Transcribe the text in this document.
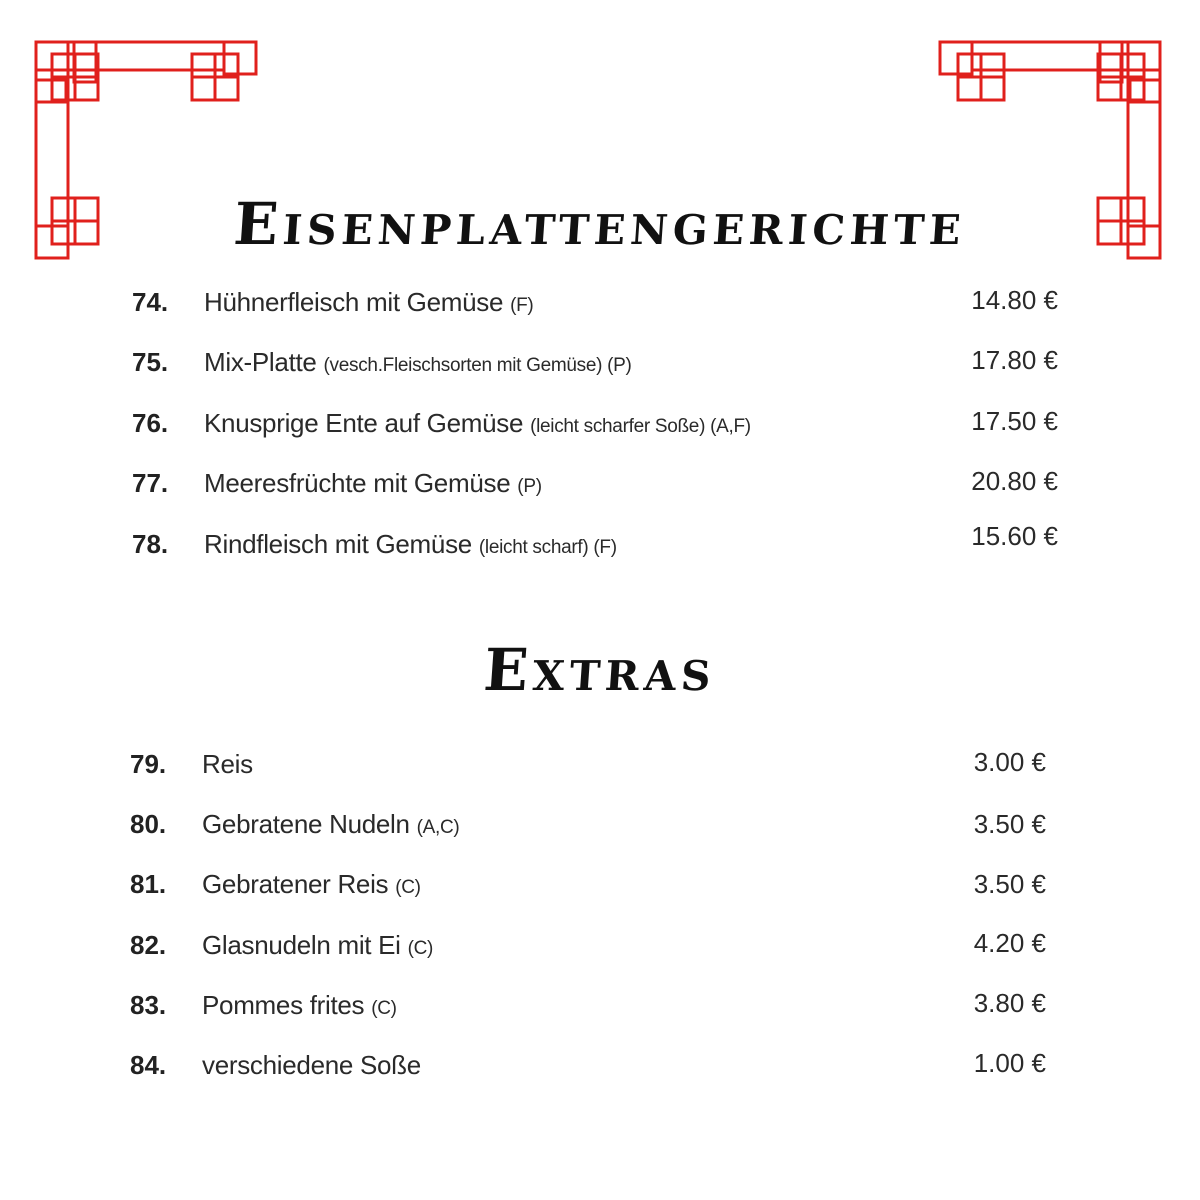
Eisenplattengerichte
74. Hühnerfleisch mit Gemüse (F)	14.80 €
75. Mix-Platte (vesch.Fleischsorten mit Gemüse) (P)	17.80 €
76. Knusprige Ente auf Gemüse (leicht scharfer Soße) (A,F)	17.50 €
77. Meeresfrüchte mit Gemüse (P)	20.80 €
78. Rindfleisch mit Gemüse (leicht scharf) (F)	15.60 €
Extras
79. Reis	3.00 €
80. Gebratene Nudeln (A,C)	3.50 €
81. Gebratener Reis (C)	3.50 €
82. Glasnudeln mit Ei (C)	4.20 €
83. Pommes frites (C)	3.80 €
84. verschiedene Soße	1.00 €
